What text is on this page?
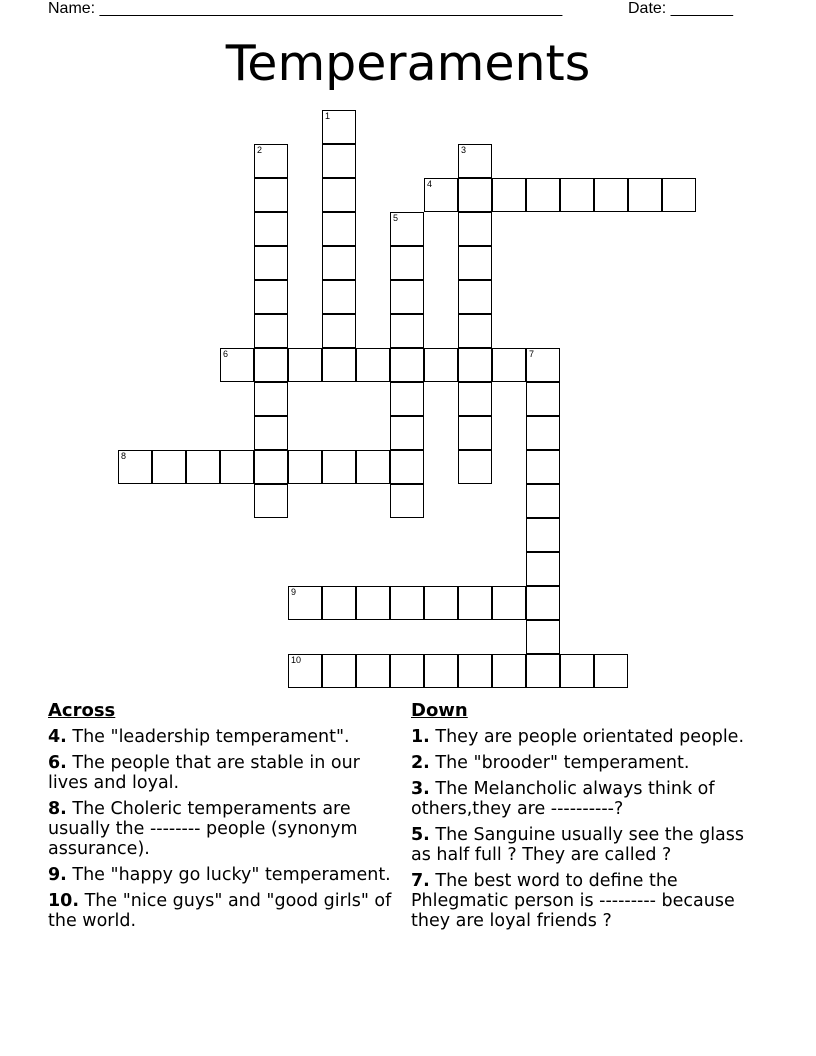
Name: ____________________________________________________	Date: _______
Temperaments
1
2	3
4
5
6	7
8
9
10
Across
4. The "leadership temperament".
6. The people that are stable in our lives and loyal.
8. The Choleric temperaments are usually the -------- people (synonym assurance).
9. The "happy go lucky" temperament.
10. The "nice guys" and "good girls" of the world.
Down
1. They are people orientated people.
2. The "brooder" temperament.
3. The Melancholic always think of others,they are ----------?
5. The Sanguine usually see the glass as half full ? They are called ?
7. The best word to define the Phlegmatic person is --------- because they are loyal friends ?
